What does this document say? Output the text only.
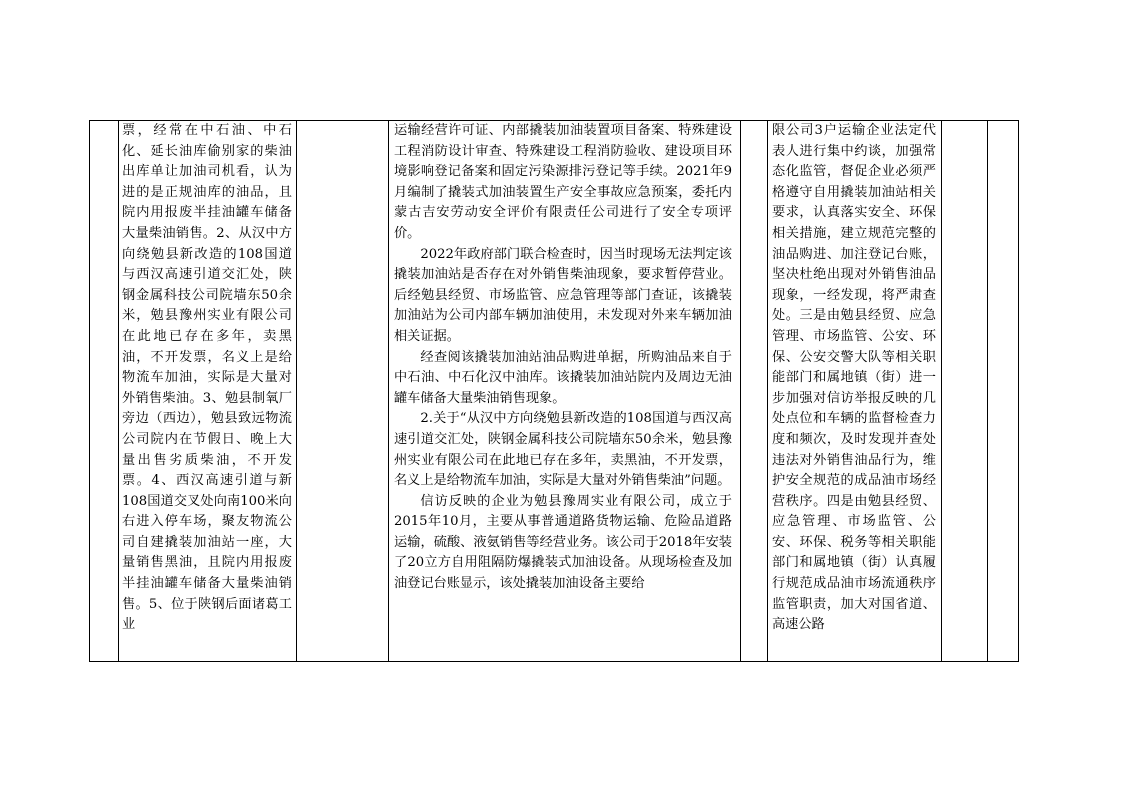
票，经常在中石油、中石化、延长油库偷别家的柴油出库单让加油司机看，认为进的是正规油库的油品，且院内用报废半挂油罐车储备大量柴油销售。2、从汉中方向绕勉县新改造的108国道与西汉高速引道交汇处，陕钢金属科技公司院墙东50余米，勉县豫州实业有限公司在此地已存在多年，卖黑油，不开发票，名义上是给物流车加油，实际是大量对外销售柴油。3、勉县制氧厂旁边（西边），勉县致远物流公司院内在节假日、晚上大量出售劣质柴油，不开发票。4、西汉高速引道与新108国道交叉处向南100米向右进入停车场，聚友物流公司自建撬装加油站一座，大量销售黑油，且院内用报废半挂油罐车储备大量柴油销售。5、位于陕钢后面诸葛工业

运输经营许可证、内部撬装加油装置项目备案、特殊建设工程消防设计审查、特殊建设工程消防验收、建设项目环境影响登记备案和固定污染源排污登记等手续。2021年9月编制了撬装式加油装置生产安全事故应急预案，委托内蒙古吉安劳动安全评价有限责任公司进行了安全专项评价。

2022年政府部门联合检查时，因当时现场无法判定该撬装加油站是否存在对外销售柴油现象，要求暂停营业。后经勉县经贸、市场监管、应急管理等部门查证，该撬装加油站为公司内部车辆加油使用，未发现对外来车辆加油相关证据。

经查阅该撬装加油站油品购进单据，所购油品来自于中石油、中石化汉中油库。该撬装加油站院内及周边无油罐车储备大量柴油销售现象。

2.关于“从汉中方向绕勉县新改造的108国道与西汉高速引道交汇处，陕钢金属科技公司院墙东50余米，勉县豫州实业有限公司在此地已存在多年，卖黑油，不开发票，名义上是给物流车加油，实际是大量对外销售柴油”问题。

信访反映的企业为勉县豫周实业有限公司，成立于2015年10月，主要从事普通道路货物运输、危险品道路运输，硫酸、液氨销售等经营业务。该公司于2018年安装了20立方自用阻隔防爆撬装式加油设备。从现场检查及加油登记台账显示，该处撬装加油设备主要给

限公司3户运输企业法定代表人进行集中约谈，加强常态化监管，督促企业必须严格遵守自用撬装加油站相关要求，认真落实安全、环保相关措施，建立规范完整的油品购进、加注登记台账，坚决杜绝出现对外销售油品现象，一经发现，将严肃查处。三是由勉县经贸、应急管理、市场监管、公安、环保、公安交警大队等相关职能部门和属地镇（街）进一步加强对信访举报反映的几处点位和车辆的监督检查力度和频次，及时发现并查处违法对外销售油品行为，维护安全规范的成品油市场经营秩序。四是由勉县经贸、应急管理、市场监管、公安、环保、税务等相关职能部门和属地镇（街）认真履行规范成品油市场流通秩序监管职责，加大对国省道、高速公路
